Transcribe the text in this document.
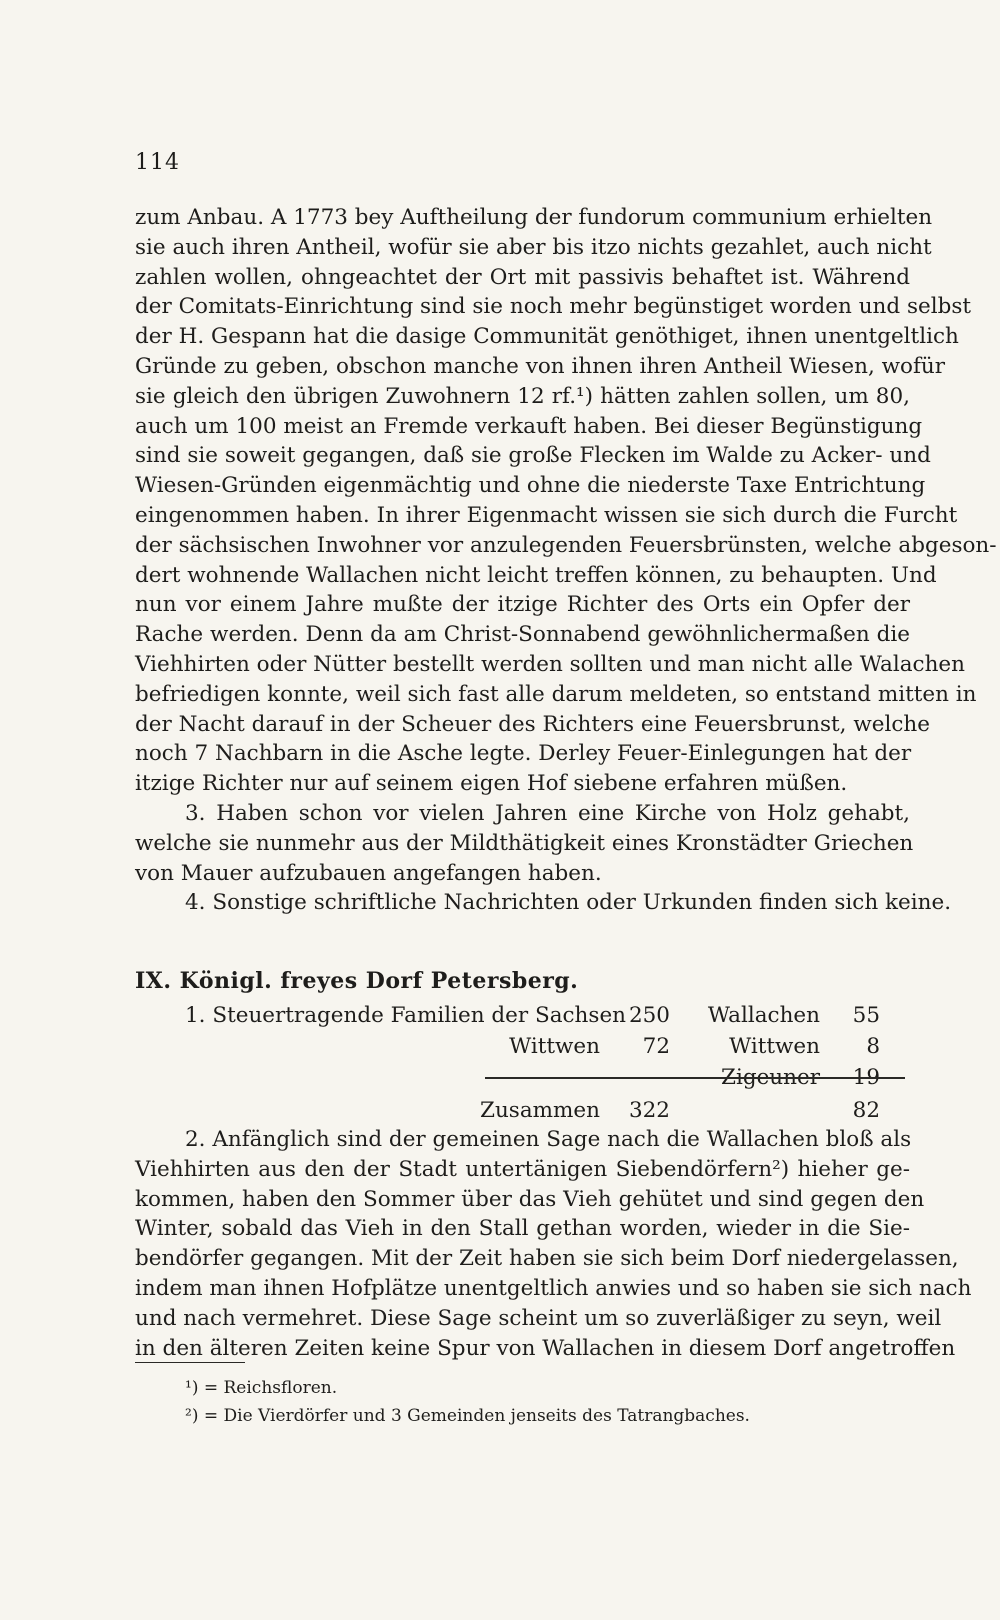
114
zum Anbau. A 1773 bey Auftheilung der fundorum communium erhielten
sie auch ihren Antheil, wofür sie aber bis itzo nichts gezahlet, auch nicht
zahlen wollen, ohngeachtet der Ort mit passivis behaftet ist. Während
der Comitats-Einrichtung sind sie noch mehr begünstiget worden und selbst
der H. Gespann hat die dasige Communität genöthiget, ihnen unentgeltlich
Gründe zu geben, obschon manche von ihnen ihren Antheil Wiesen, wofür
sie gleich den übrigen Zuwohnern 12 rf.¹) hätten zahlen sollen, um 80,
auch um 100 meist an Fremde verkauft haben. Bei dieser Begünstigung
sind sie soweit gegangen, daß sie große Flecken im Walde zu Acker- und
Wiesen-Gründen eigenmächtig und ohne die niederste Taxe Entrichtung
eingenommen haben. In ihrer Eigenmacht wissen sie sich durch die Furcht
der sächsischen Inwohner vor anzulegenden Feuersbrünsten, welche abgeson-
dert wohnende Wallachen nicht leicht treffen können, zu behaupten. Und
nun vor einem Jahre mußte der itzige Richter des Orts ein Opfer der
Rache werden. Denn da am Christ-Sonnabend gewöhnlichermaßen die
Viehhirten oder Nütter bestellt werden sollten und man nicht alle Walachen
befriedigen konnte, weil sich fast alle darum meldeten, so entstand mitten in
der Nacht darauf in der Scheuer des Richters eine Feuersbrunst, welche
noch 7 Nachbarn in die Asche legte. Derley Feuer-Einlegungen hat der
itzige Richter nur auf seinem eigen Hof siebene erfahren müßen.
3. Haben schon vor vielen Jahren eine Kirche von Holz gehabt,
welche sie nunmehr aus der Mildthätigkeit eines Kronstädter Griechen
von Mauer aufzubauen angefangen haben.
4. Sonstige schriftliche Nachrichten oder Urkunden finden sich keine.
IX. Königl. freyes Dorf Petersberg.
1. Steuertragende Familien der Sachsen 250 Wallachen 55
Wittwen 72	Wittwen 8
Zigeuner 19
Zusammen 322	82
2. Anfänglich sind der gemeinen Sage nach die Wallachen bloß als
Viehhirten aus den der Stadt untertänigen Siebendörfern²) hieher ge-
kommen, haben den Sommer über das Vieh gehütet und sind gegen den
Winter, sobald das Vieh in den Stall gethan worden, wieder in die Sie-
bendörfer gegangen. Mit der Zeit haben sie sich beim Dorf niedergelassen,
indem man ihnen Hofplätze unentgeltlich anwies und so haben sie sich nach
und nach vermehret. Diese Sage scheint um so zuverläßiger zu seyn, weil
in den älteren Zeiten keine Spur von Wallachen in diesem Dorf angetroffen
¹) = Reichsfloren.
²) = Die Vierdörfer und 3 Gemeinden jenseits des Tatrangbaches.
